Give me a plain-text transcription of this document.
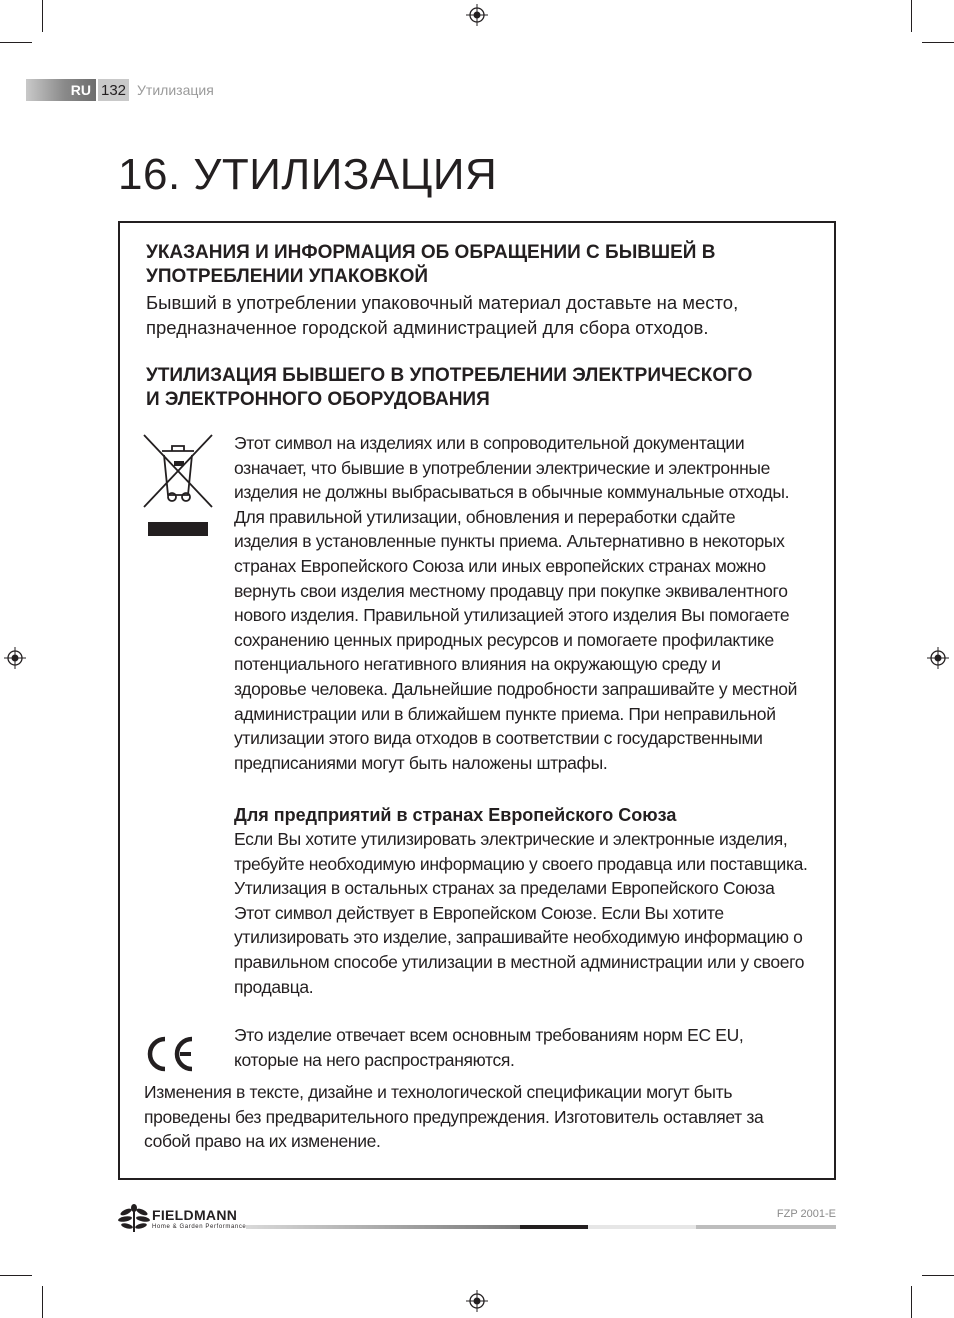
RU 132 Утилизация
16. УТИЛИЗАЦИЯ
УКАЗАНИЯ И ИНФОРМАЦИЯ ОБ ОБРАЩЕНИИ С БЫВШЕЙ В
УПОТРЕБЛЕНИИ УПАКОВКОЙ
Бывший в употреблении упаковочный материал доставьте на место,
предназначенное городской администрацией для сбора отходов.
УТИЛИЗАЦИЯ БЫВШЕГО В УПОТРЕБЛЕНИИ ЭЛЕКТРИЧЕСКОГО
И ЭЛЕКТРОННОГО ОБОРУДОВАНИЯ
Этот символ на изделиях или в сопроводительной документации
означает, что бывшие в употреблении электрические и электронные
изделия не должны выбрасываться в обычные коммунальные отходы.
Для правильной утилизации, обновления и переработки сдайте
изделия в установленные пункты приема. Альтернативно в некоторых
странах Европейского Союза или иных европейских странах можно
вернуть свои изделия местному продавцу при покупке эквивалентного
нового изделия. Правильной утилизацией этого изделия Вы помогаете
сохранению ценных природных ресурсов и помогаете профилактике
потенциального негативного влияния на окружающую среду и
здоровье человека. Дальнейшие подробности запрашивайте у местной
администрации или в ближайшем пункте приема. При неправильной
утилизации этого вида отходов в соответствии с государственными
предписаниями могут быть наложены штрафы.
Для предприятий в странах Европейского Союза
Если Вы хотите утилизировать электрические и электронные изделия,
требуйте необходимую информацию у своего продавца или поставщика.
Утилизация в остальных странах за пределами Европейского Союза
Этот символ действует в Европейском Союзе. Если Вы хотите
утилизировать это изделие, запрашивайте необходимую информацию о
правильном способе утилизации в местной администрации или у своего
продавца.
Это изделие отвечает всем основным требованиям норм ЕС EU,
которые на него распространяются.
Изменения в тексте, дизайне и технологической спецификации могут быть
проведены без предварительного предупреждения. Изготовитель оставляет за
собой право на их изменение.
FIELDMANN
Home & Garden Performance
FZP 2001-E
